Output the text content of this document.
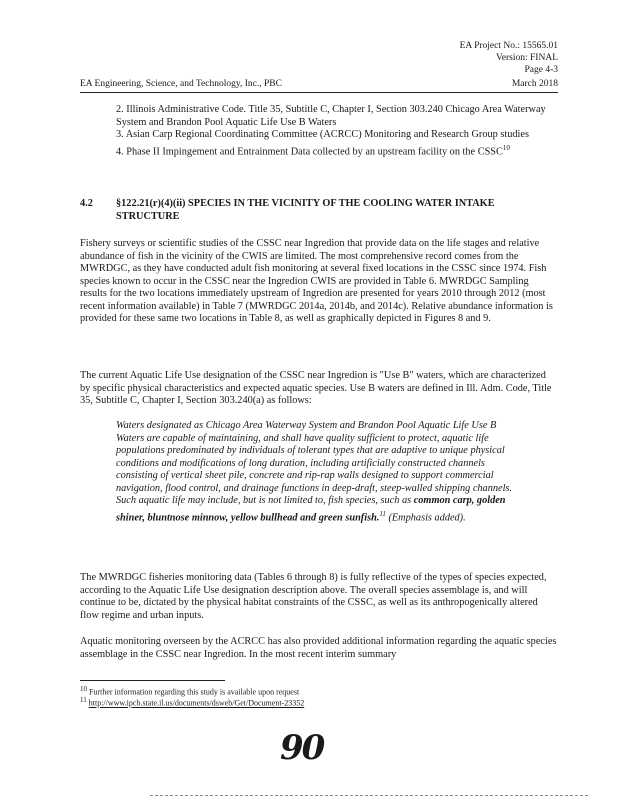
EA Project No.: 15565.01
Version: FINAL
Page 4-3
EA Engineering, Science, and Technology, Inc., PBC	March 2018

2. Illinois Administrative Code. Title 35, Subtitle C, Chapter I, Section 303.240 Chicago Area Waterway System and Brandon Pool Aquatic Life Use B Waters

3. Asian Carp Regional Coordinating Committee (ACRCC) Monitoring and Research Group studies

4. Phase II Impingement and Entrainment Data collected by an upstream facility on the CSSC$^{10}$

4.2 §122.21(r)(4)(ii) SPECIES IN THE VICINITY OF THE COOLING WATER INTAKE STRUCTURE

Fishery surveys or scientific studies of the CSSC near Ingredion that provide data on the life stages and relative abundance of fish in the vicinity of the CWIS are limited. The most comprehensive record comes from the MWRDGC, as they have conducted adult fish monitoring at several fixed locations in the CSSC since 1974. Fish species known to occur in the CSSC near the Ingredion CWIS are provided in Table 6. MWRDGC Sampling results for the two locations immediately upstream of Ingredion are presented for years 2010 through 2012 (most recent information available) in Table 7 (MWRDGC 2014a, 2014b, and 2014c). Relative abundance information is provided for these same two locations in Table 8, as well as graphically depicted in Figures 8 and 9.

The current Aquatic Life Use designation of the CSSC near Ingredion is "Use B" waters, which are characterized by specific physical characteristics and expected aquatic species. Use B waters are defined in Ill. Adm. Code, Title 35, Subtitle C, Chapter I, Section 303.240(a) as follows:

Waters designated as Chicago Area Waterway System and Brandon Pool Aquatic Life Use B Waters are capable of maintaining, and shall have quality sufficient to protect, aquatic life populations predominated by individuals of tolerant types that are adaptive to unique physical conditions and modifications of long duration, including artificially constructed channels consisting of vertical sheet pile, concrete and rip-rap walls designed to support commercial navigation, flood control, and drainage functions in deep-draft, steep-walled shipping channels. Such aquatic life may include, but is not limited to, fish species, such as common carp, golden shiner, bluntnose minnow, yellow bullhead and green sunfish.$^{11}$ (Emphasis added).

The MWRDGC fisheries monitoring data (Tables 6 through 8) is fully reflective of the types of species expected, according to the Aquatic Life Use designation description above. The overall species assemblage is, and will continue to be, dictated by the physical habitat constraints of the CSSC, as well as its anthropogenically altered flow regime and urban inputs.

Aquatic monitoring overseen by the ACRCC has also provided additional information regarding the aquatic species assemblage in the CSSC near Ingredion. In the most recent interim summary

$^{10}$ Further information regarding this study is available upon request
$^{11}$ http://www.ipcb.state.il.us/documents/dsweb/Get/Document-23352
90
